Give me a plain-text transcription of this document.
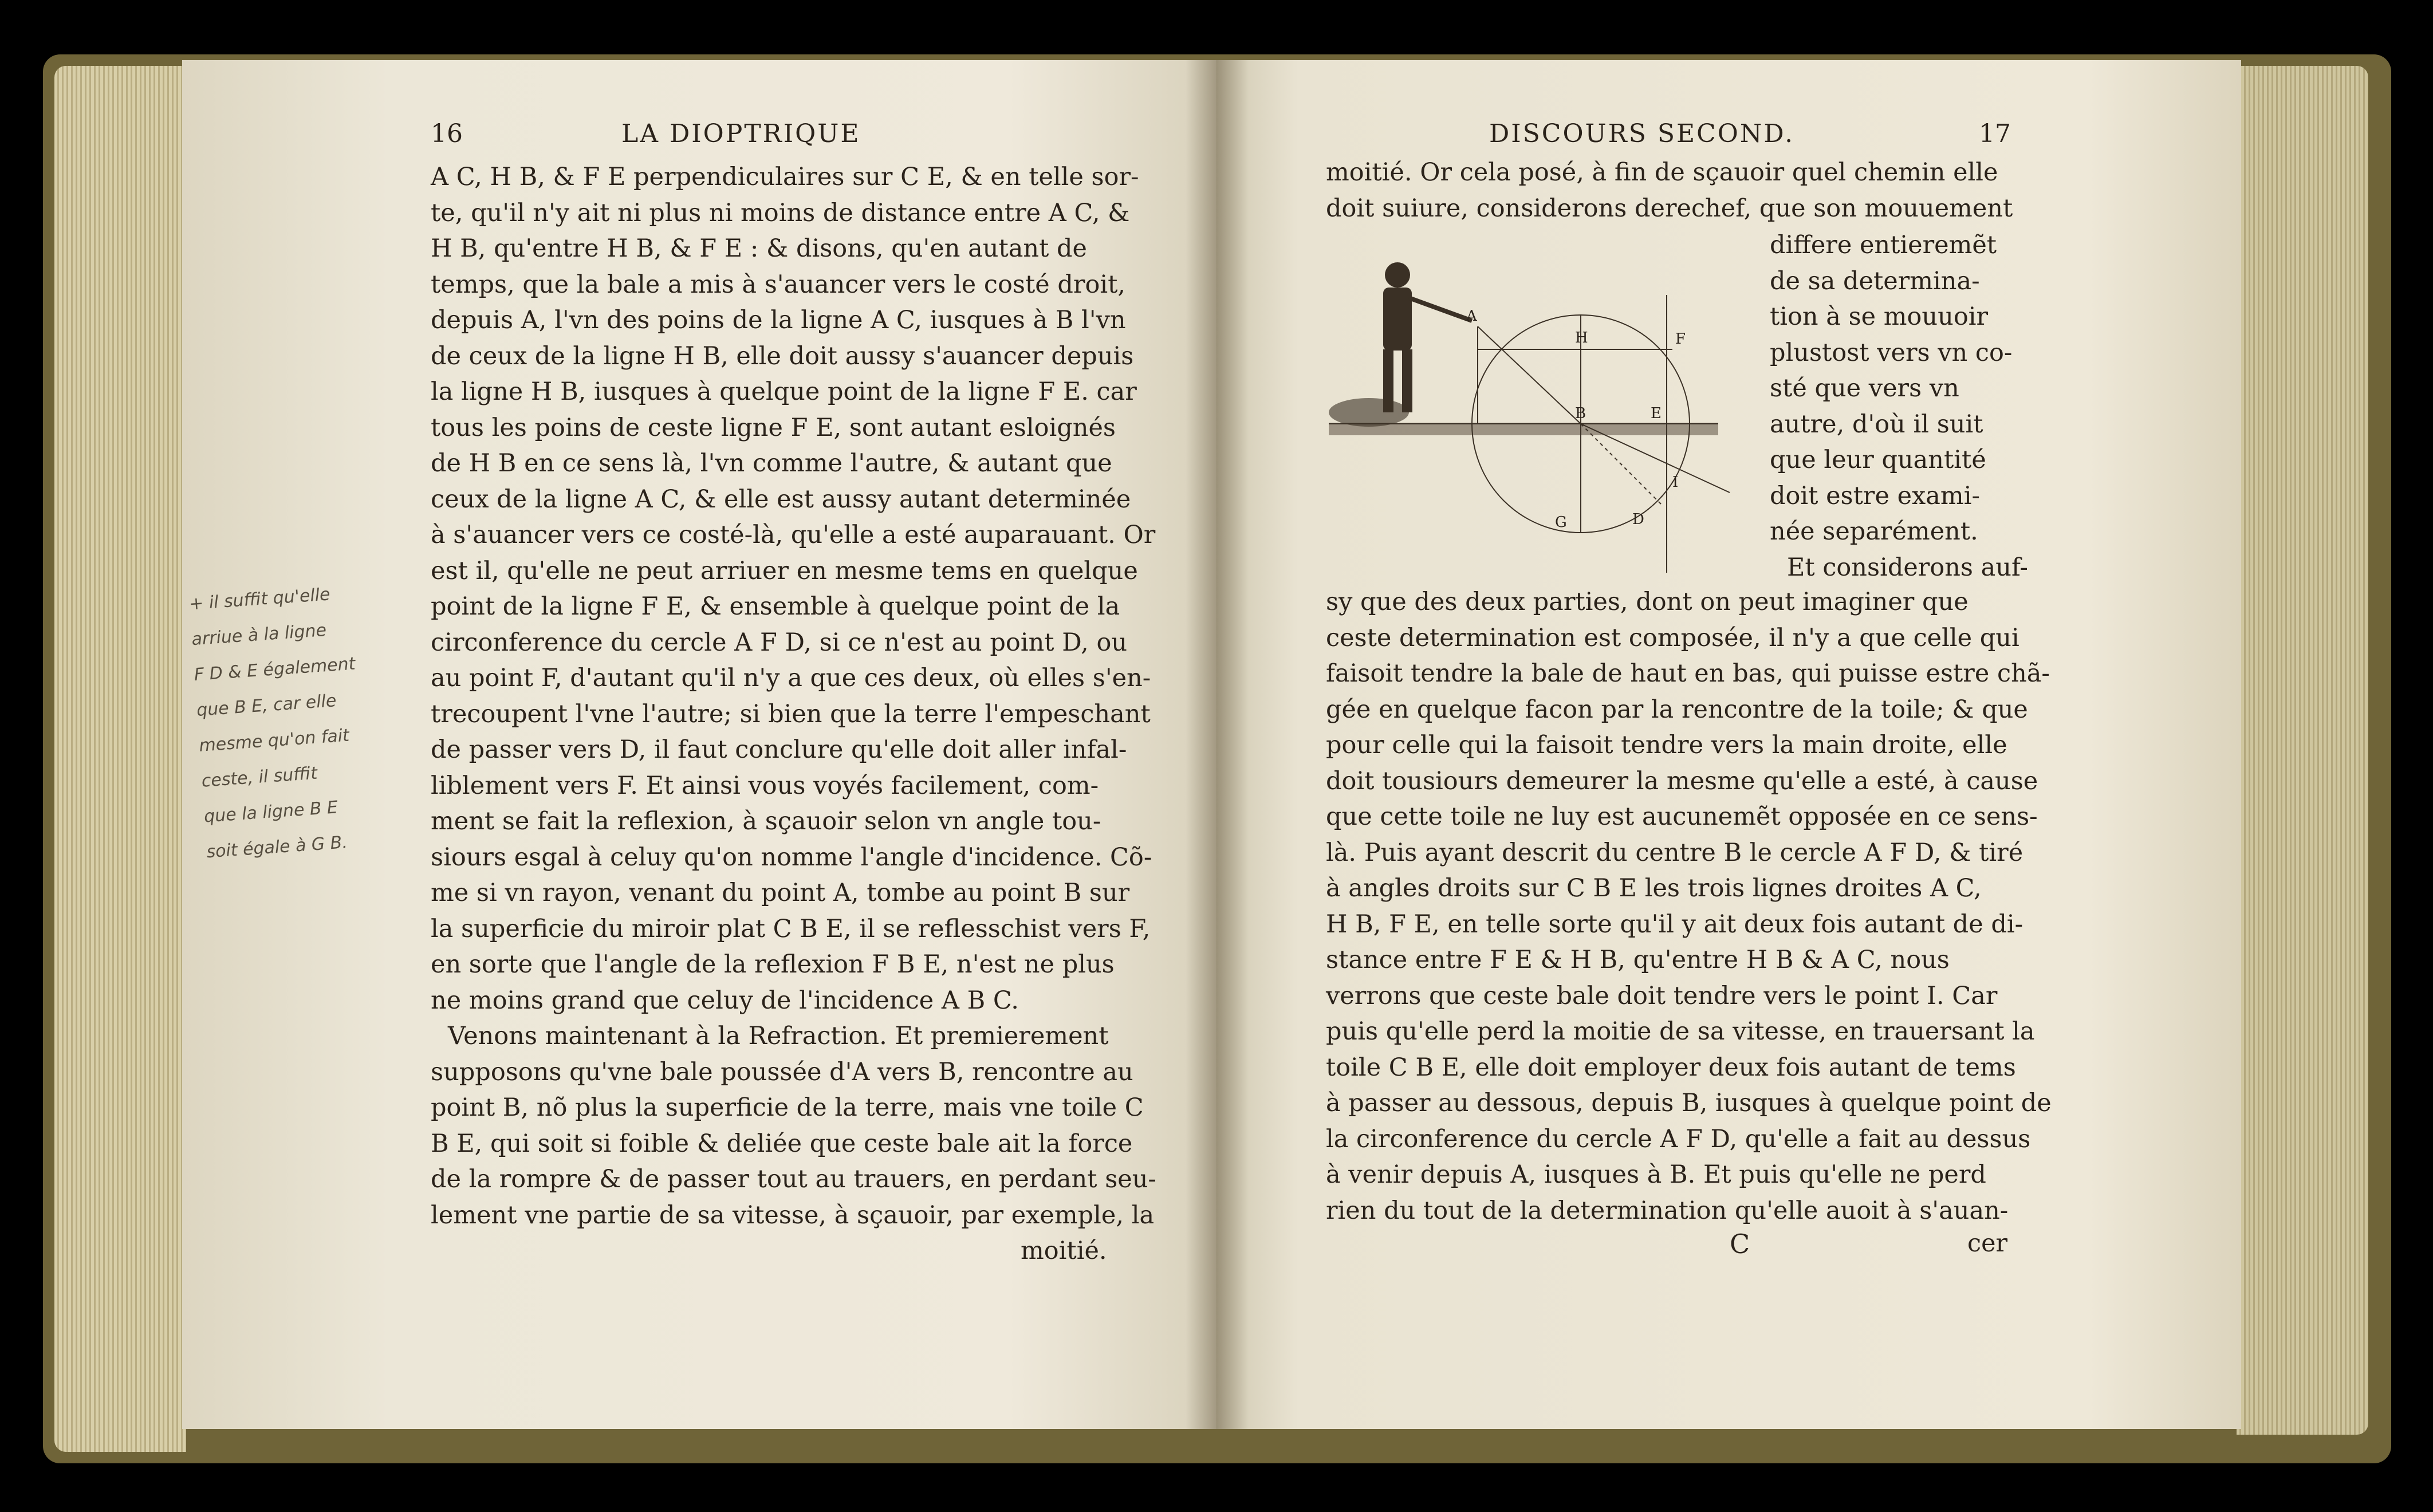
16	LA DIOPTRIQUE
A C, H B, & F E perpendiculaires sur C E, & en telle sor-
te, qu'il n'y ait ni plus ni moins de distance entre A C, &
H B, qu'entre H B, & F E : & disons, qu'en autant de
temps, que la bale a mis à s'auancer vers le costé droit,
depuis A, l'vn des poins de la ligne A C, iusques à B l'vn
de ceux de la ligne H B, elle doit aussy s'auancer depuis
la ligne H B, iusques à quelque point de la ligne F E. car
tous les poins de ceste ligne F E, sont autant esloignés
de H B en ce sens là, l'vn comme l'autre, & autant que
ceux de la ligne A C, & elle est aussy autant determinée
à s'auancer vers ce costé-là, qu'elle a esté auparauant. Or
est il, qu'elle ne peut arriuer en mesme tems en quelque
point de la ligne F E, & ensemble à quelque point de la
circonference du cercle A F D, si ce n'est au point D, ou
au point F, d'autant qu'il n'y a que ces deux, où elles s'en-
trecoupent l'vne l'autre; si bien que la terre l'empeschant
de passer vers D, il faut conclure qu'elle doit aller infal-
liblement vers F. Et ainsi vous voyés facilement, com-
ment se fait la reflexion, à sçauoir selon vn angle tou-
siours esgal à celuy qu'on nomme l'angle d'incidence. Cõ-
me si vn rayon, venant du point A, tombe au point B sur
la superficie du miroir plat C B E, il se reflesschist vers F,
en sorte que l'angle de la reflexion F B E, n'est ne plus
ne moins grand que celuy de l'incidence A B C.
Venons maintenant à la Refraction. Et premierement
supposons qu'vne bale poussée d'A vers B, rencontre au
point B, nõ plus la superficie de la terre, mais vne toile C
B E, qui soit si foible & deliée que ceste bale ait la force
de la rompre & de passer tout au trauers, en perdant seu-
lement vne partie de sa vitesse, à sçauoir, par exemple, la
moitié.
+ il suffit qu'elle
arriue à la ligne
F D & E également
que B E, car elle
mesme qu'on fait
ceste, il suffit
que la ligne B E
soit égale à G B.
DISCOURS SECOND.	17
moitié. Or cela posé, à fin de sçauoir quel chemin elle
doit suiure, considerons derechef, que son mouuement
A
H	F
B	E
I
G	D
differe entieremẽt
de sa determina-
tion à se mouuoir
plustost vers vn co-
sté que vers vn
autre, d'où il suit
que leur quantité
doit estre exami-
née separément.
Et considerons auf-
sy que des deux parties, dont on peut imaginer que
ceste determination est composée, il n'y a que celle qui
faisoit tendre la bale de haut en bas, qui puisse estre chã-
gée en quelque facon par la rencontre de la toile; & que
pour celle qui la faisoit tendre vers la main droite, elle
doit tousiours demeurer la mesme qu'elle a esté, à cause
que cette toile ne luy est aucunemẽt opposée en ce sens-
là. Puis ayant descrit du centre B le cercle A F D, & tiré
à angles droits sur C B E les trois lignes droites A C,
H B, F E, en telle sorte qu'il y ait deux fois autant de di-
stance entre F E & H B, qu'entre H B & A C, nous
verrons que ceste bale doit tendre vers le point I. Car
puis qu'elle perd la moitie de sa vitesse, en trauersant la
toile C B E, elle doit employer deux fois autant de tems
à passer au dessous, depuis B, iusques à quelque point de
la circonference du cercle A F D, qu'elle a fait au dessus
à venir depuis A, iusques à B. Et puis qu'elle ne perd
rien du tout de la determination qu'elle auoit à s'auan-
C	cer
